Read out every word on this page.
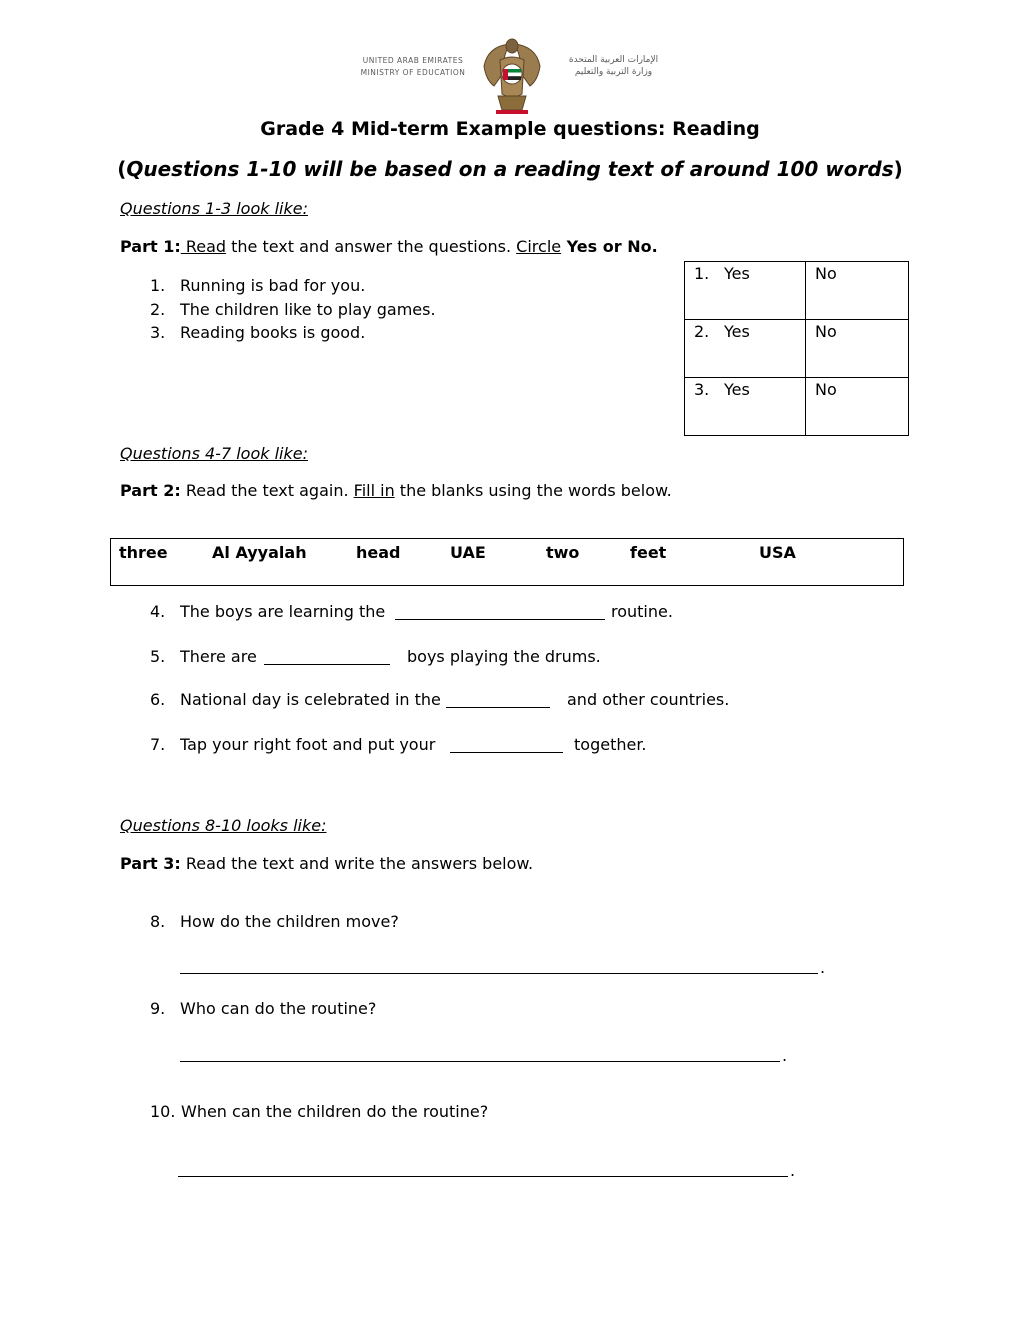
UNITED ARAB EMIRATES
MINISTRY OF EDUCATION
الإمارات العربية المتحدة
وزارة التربية والتعليم
Grade 4 Mid-term Example questions: Reading
(Questions 1-10 will be based on a reading text of around 100 words)
Questions 1-3 look like:
Part 1: Read the text and answer the questions. Circle Yes or No.
1. Running is bad for you.
2. The children like to play games.
3. Reading books is good.
1. Yes	No
2. Yes	No
3. Yes	No
Questions 4-7 look like:
Part 2: Read the text again. Fill in the blanks using the words below.
three	Al Ayyalah	head	UAE	two	feet	USA
4. The boys are learning the	routine.
5. There are	boys playing the drums.
6. National day is celebrated in the	and other countries.
7. Tap your right foot and put your	together.
Questions 8-10 looks like:
Part 3: Read the text and write the answers below.
8. How do the children move?
.
9. Who can do the routine?
.
10. When can the children do the routine?
.
